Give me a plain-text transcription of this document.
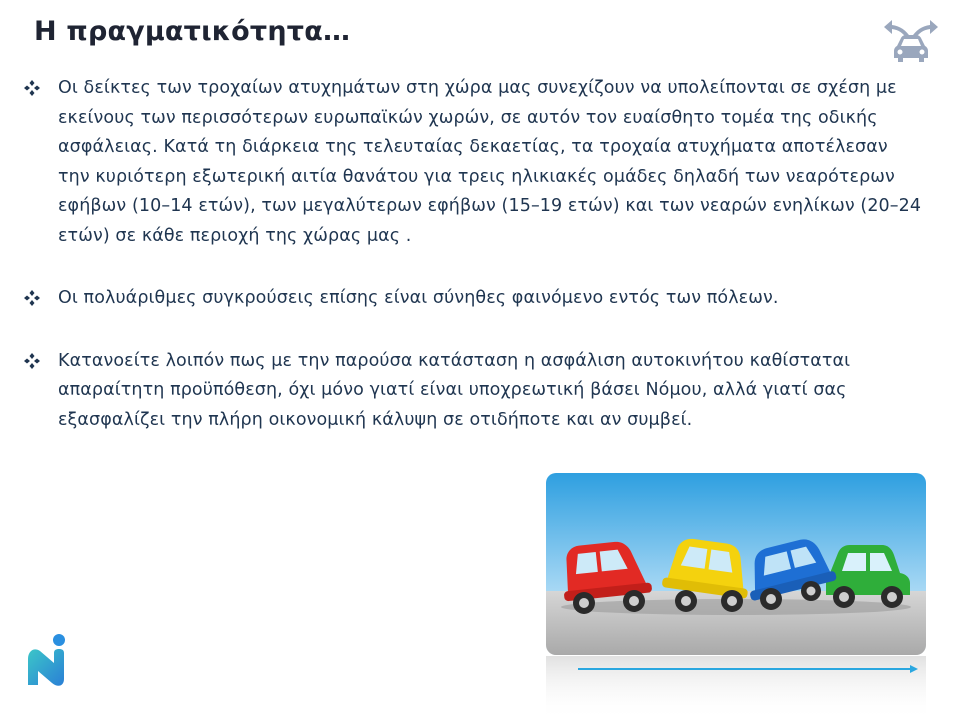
Η πραγματικότητα…
Οι δείκτες των τροχαίων ατυχημάτων στη χώρα μας συνεχίζουν να υπολείπονται σε σχέση με εκείνους των περισσότερων ευρωπαϊκών χωρών, σε αυτόν τον ευαίσθητο τομέα της οδικής ασφάλειας. Κατά τη διάρκεια της τελευταίας δεκαετίας, τα τροχαία ατυχήματα αποτέλεσαν την κυριότερη εξωτερική αιτία θανάτου για τρεις ηλικιακές ομάδες δηλαδή των νεαρότερων εφήβων (10–14 ετών), των μεγαλύτερων εφήβων (15–19 ετών) και των νεαρών ενηλίκων (20–24 ετών) σε κάθε περιοχή της χώρας μας .
Οι πολυάριθμες συγκρούσεις επίσης είναι σύνηθες φαινόμενο εντός των πόλεων.
Κατανοείτε λοιπόν πως με την παρούσα κατάσταση η ασφάλιση αυτοκινήτου καθίσταται απαραίτητη προϋπόθεση, όχι μόνο γιατί είναι υποχρεωτική βάσει Νόμου, αλλά γιατί σας εξασφαλίζει την πλήρη οικονομική κάλυψη σε οτιδήποτε και αν συμβεί.
